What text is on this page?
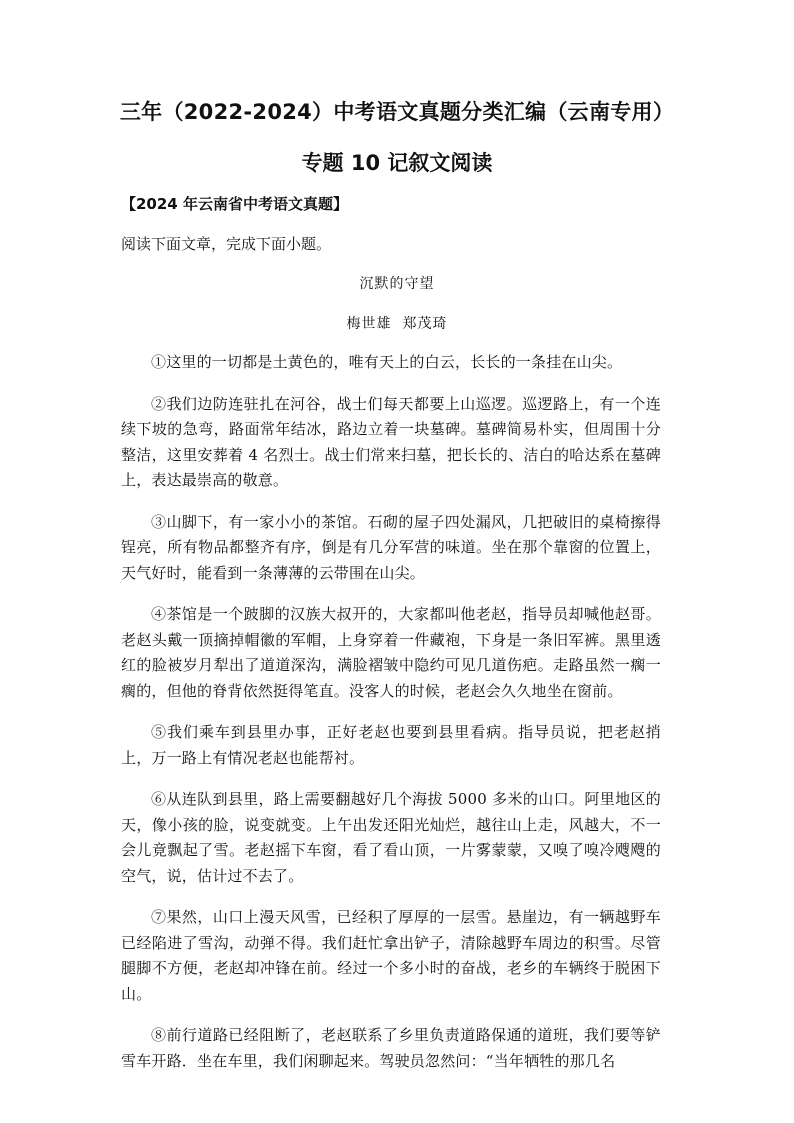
三年（2022-2024）中考语文真题分类汇编（云南专用）
专题 10 记叙文阅读
【2024 年云南省中考语文真题】
阅读下面文章，完成下面小题。
沉默的守望
梅世雄  郑茂琦

①这里的一切都是土黄色的，唯有天上的白云，长长的一条挂在山尖。

②我们边防连驻扎在河谷，战士们每天都要上山巡逻。巡逻路上，有一个连续下坡的急弯，路面常年结冰，路边立着一块墓碑。墓碑简易朴实，但周围十分整洁，这里安葬着 4 名烈士。战士们常来扫墓，把长长的、洁白的哈达系在墓碑上，表达最崇高的敬意。

③山脚下，有一家小小的茶馆。石砌的屋子四处漏风，几把破旧的桌椅擦得锃亮，所有物品都整齐有序，倒是有几分军营的味道。坐在那个靠窗的位置上，天气好时，能看到一条薄薄的云带围在山尖。

④茶馆是一个跛脚的汉族大叔开的，大家都叫他老赵，指导员却喊他赵哥。老赵头戴一顶摘掉帽徽的军帽，上身穿着一件藏袍，下身是一条旧军裤。黑里透红的脸被岁月犁出了道道深沟，满脸褶皱中隐约可见几道伤疤。走路虽然一瘸一瘸的，但他的脊背依然挺得笔直。没客人的时候，老赵会久久地坐在窗前。

⑤我们乘车到县里办事，正好老赵也要到县里看病。指导员说，把老赵捎上，万一路上有情况老赵也能帮衬。

⑥从连队到县里，路上需要翻越好几个海拔 5000 多米的山口。阿里地区的天，像小孩的脸，说变就变。上午出发还阳光灿烂，越往山上走，风越大，不一会儿竟飘起了雪。老赵摇下车窗，看了看山顶，一片雾蒙蒙，又嗅了嗅冷飕飕的空气，说，估计过不去了。

⑦果然，山口上漫天风雪，已经积了厚厚的一层雪。悬崖边，有一辆越野车已经陷进了雪沟，动弹不得。我们赶忙拿出铲子，清除越野车周边的积雪。尽管腿脚不方便，老赵却冲锋在前。经过一个多小时的奋战，老乡的车辆终于脱困下山。

⑧前行道路已经阻断了，老赵联系了乡里负责道路保通的道班，我们要等铲雪车开路．坐在车里，我们闲聊起来。驾驶员忽然问：“当年牺牲的那几名
